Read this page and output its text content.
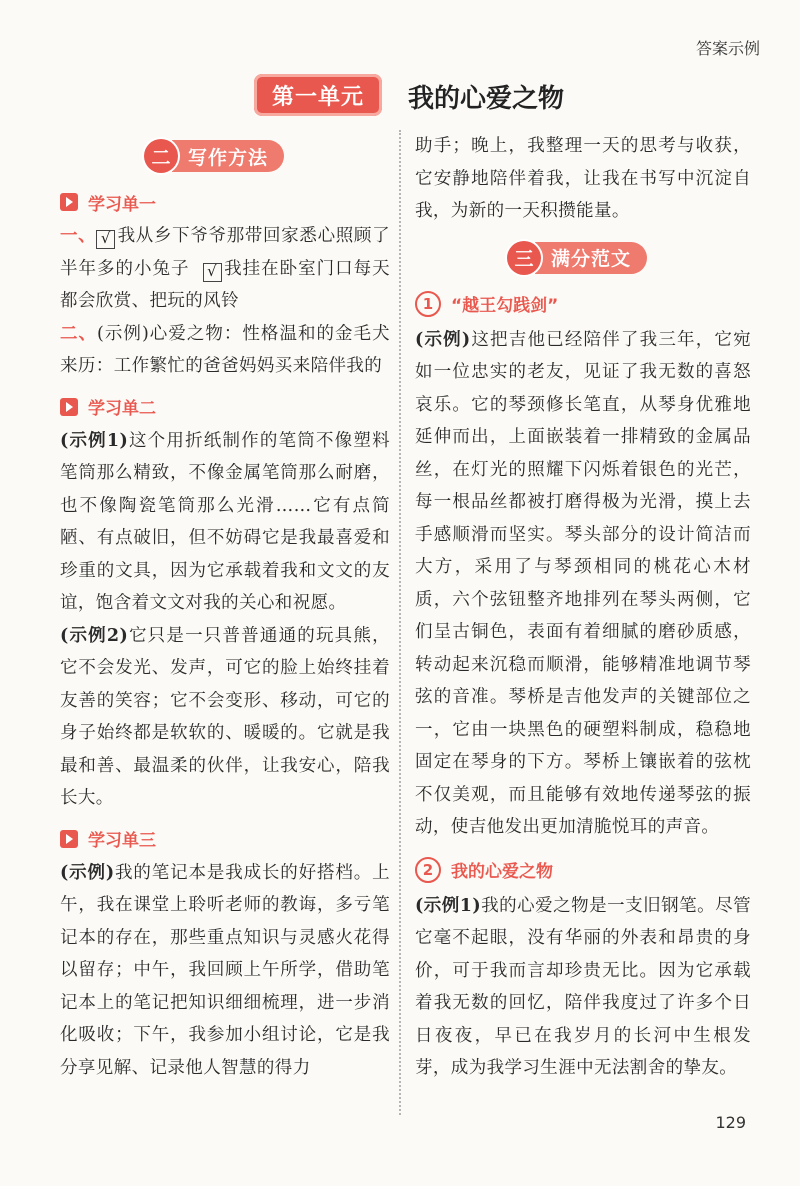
答案示例
第一单元	我的心爱之物
二 写作方法
学习单一

一、 √ 我从乡下爷爷那带回家悉心照顾了半年多的小兔子 √ 我挂在卧室门口每天都会欣赏、把玩的风铃

二、(示例)心爱之物：性格温和的金毛犬　来历：工作繁忙的爸爸妈妈买来陪伴我的

学习单二

(示例1)这个用折纸制作的笔筒不像塑料笔筒那么精致，不像金属笔筒那么耐磨，也不像陶瓷笔筒那么光滑……它有点简陋、有点破旧，但不妨碍它是我最喜爱和珍重的文具，因为它承载着我和文文的友谊，饱含着文文对我的关心和祝愿。

(示例2)它只是一只普普通通的玩具熊，它不会发光、发声，可它的脸上始终挂着友善的笑容；它不会变形、移动，可它的身子始终都是软软的、暖暖的。它就是我最和善、最温柔的伙伴，让我安心，陪我长大。

学习单三

(示例)我的笔记本是我成长的好搭档。上午，我在课堂上聆听老师的教诲，多亏笔记本的存在，那些重点知识与灵感火花得以留存；中午，我回顾上午所学，借助笔记本上的笔记把知识细细梳理，进一步消化吸收；下午，我参加小组讨论，它是我分享见解、记录他人智慧的得力

助手；晚上，我整理一天的思考与收获，它安静地陪伴着我，让我在书写中沉淀自我，为新的一天积攒能量。

三 满分范文
1	“越王勾践剑”

(示例)这把吉他已经陪伴了我三年，它宛如一位忠实的老友，见证了我无数的喜怒哀乐。它的琴颈修长笔直，从琴身优雅地延伸而出，上面嵌装着一排精致的金属品丝，在灯光的照耀下闪烁着银色的光芒，每一根品丝都被打磨得极为光滑，摸上去手感顺滑而坚实。琴头部分的设计简洁而大方，采用了与琴颈相同的桃花心木材质，六个弦钮整齐地排列在琴头两侧，它们呈古铜色，表面有着细腻的磨砂质感，转动起来沉稳而顺滑，能够精准地调节琴弦的音准。琴桥是吉他发声的关键部位之一，它由一块黑色的硬塑料制成，稳稳地固定在琴身的下方。琴桥上镶嵌着的弦枕不仅美观，而且能够有效地传递琴弦的振动，使吉他发出更加清脆悦耳的声音。

2	我的心爱之物

(示例1)我的心爱之物是一支旧钢笔。尽管它毫不起眼，没有华丽的外表和昂贵的身价，可于我而言却珍贵无比。因为它承载着我无数的回忆，陪伴我度过了许多个日日夜夜，早已在我岁月的长河中生根发芽，成为我学习生涯中无法割舍的挚友。

129
